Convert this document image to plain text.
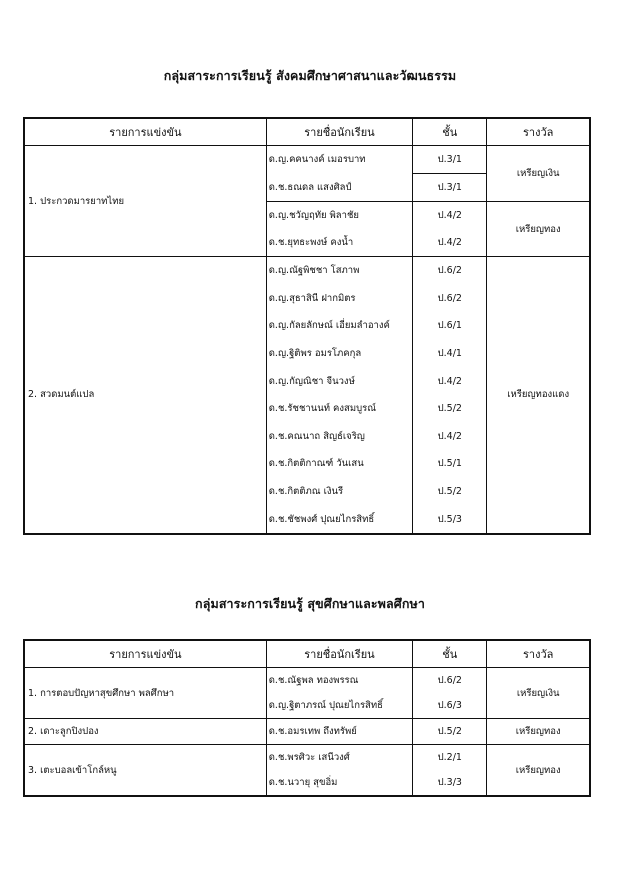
กลุ่มสาระการเรียนรู้ สังคมศึกษาศาสนาและวัฒนธรรม
รายการแข่งขัน	รายชื่อนักเรียน	ชั้น	รางวัล
1. ประกวดมารยาทไทย	ด.ญ.คคนางค์ เมอรบาท	ป.3/1	เหรียญเงิน
	ด.ช.ธณดล แสงศิลป์	ป.3/1	
	ด.ญ.ชวัญฤทัย พิลาชัย	ป.4/2	เหรียญทอง
	ด.ช.ยุทธะพงษ์ คงน้ำ	ป.4/2	
2. สวดมนต์แปล	ด.ญ.ณัฐพิชชา โสภาพ	ป.6/2	เหรียญทองแดง
	ด.ญ.สุธาสินี ฝากมิตร	ป.6/2	
	ด.ญ.กัลยลักษณ์ เอี่ยมลำอางค์	ป.6/1	
	ด.ญ.ฐิติพร อมรโภคกุล	ป.4/1	
	ด.ญ.กัญณิชา จีนวงษ์	ป.4/2	
	ด.ช.รัชชานนท์ คงสมบูรณ์	ป.5/2	
	ด.ช.คณนาถ สิญธ์เจริญ	ป.4/2	
	ด.ช.กิตติกาณฑ์ วันเสน	ป.5/1	
	ด.ช.กิตติภณ เงินรี	ป.5/2	
	ด.ช.ชัชพงศ์ ปุณยไกรสิทธิ์	ป.5/3	
กลุ่มสาระการเรียนรู้ สุขศึกษาและพลศึกษา
รายการแข่งขัน	รายชื่อนักเรียน	ชั้น	รางวัล
1. การตอบปัญหาสุขศึกษา พลศึกษา	ด.ช.ณัฐพล ทองพรรณ	ป.6/2	เหรียญเงิน
	ด.ญ.ฐิตาภรณ์ ปุณยไกรสิทธิ์	ป.6/3	
2. เดาะลูกปิงปอง	ด.ช.อมรเทพ ถึงทรัพย์	ป.5/2	เหรียญทอง
3. เตะบอลเข้าโกล์หนู	ด.ช.พรศิวะ เสนีวงศ์	ป.2/1	เหรียญทอง
	ด.ช.นวายุ สุขอิ่ม	ป.3/3	
